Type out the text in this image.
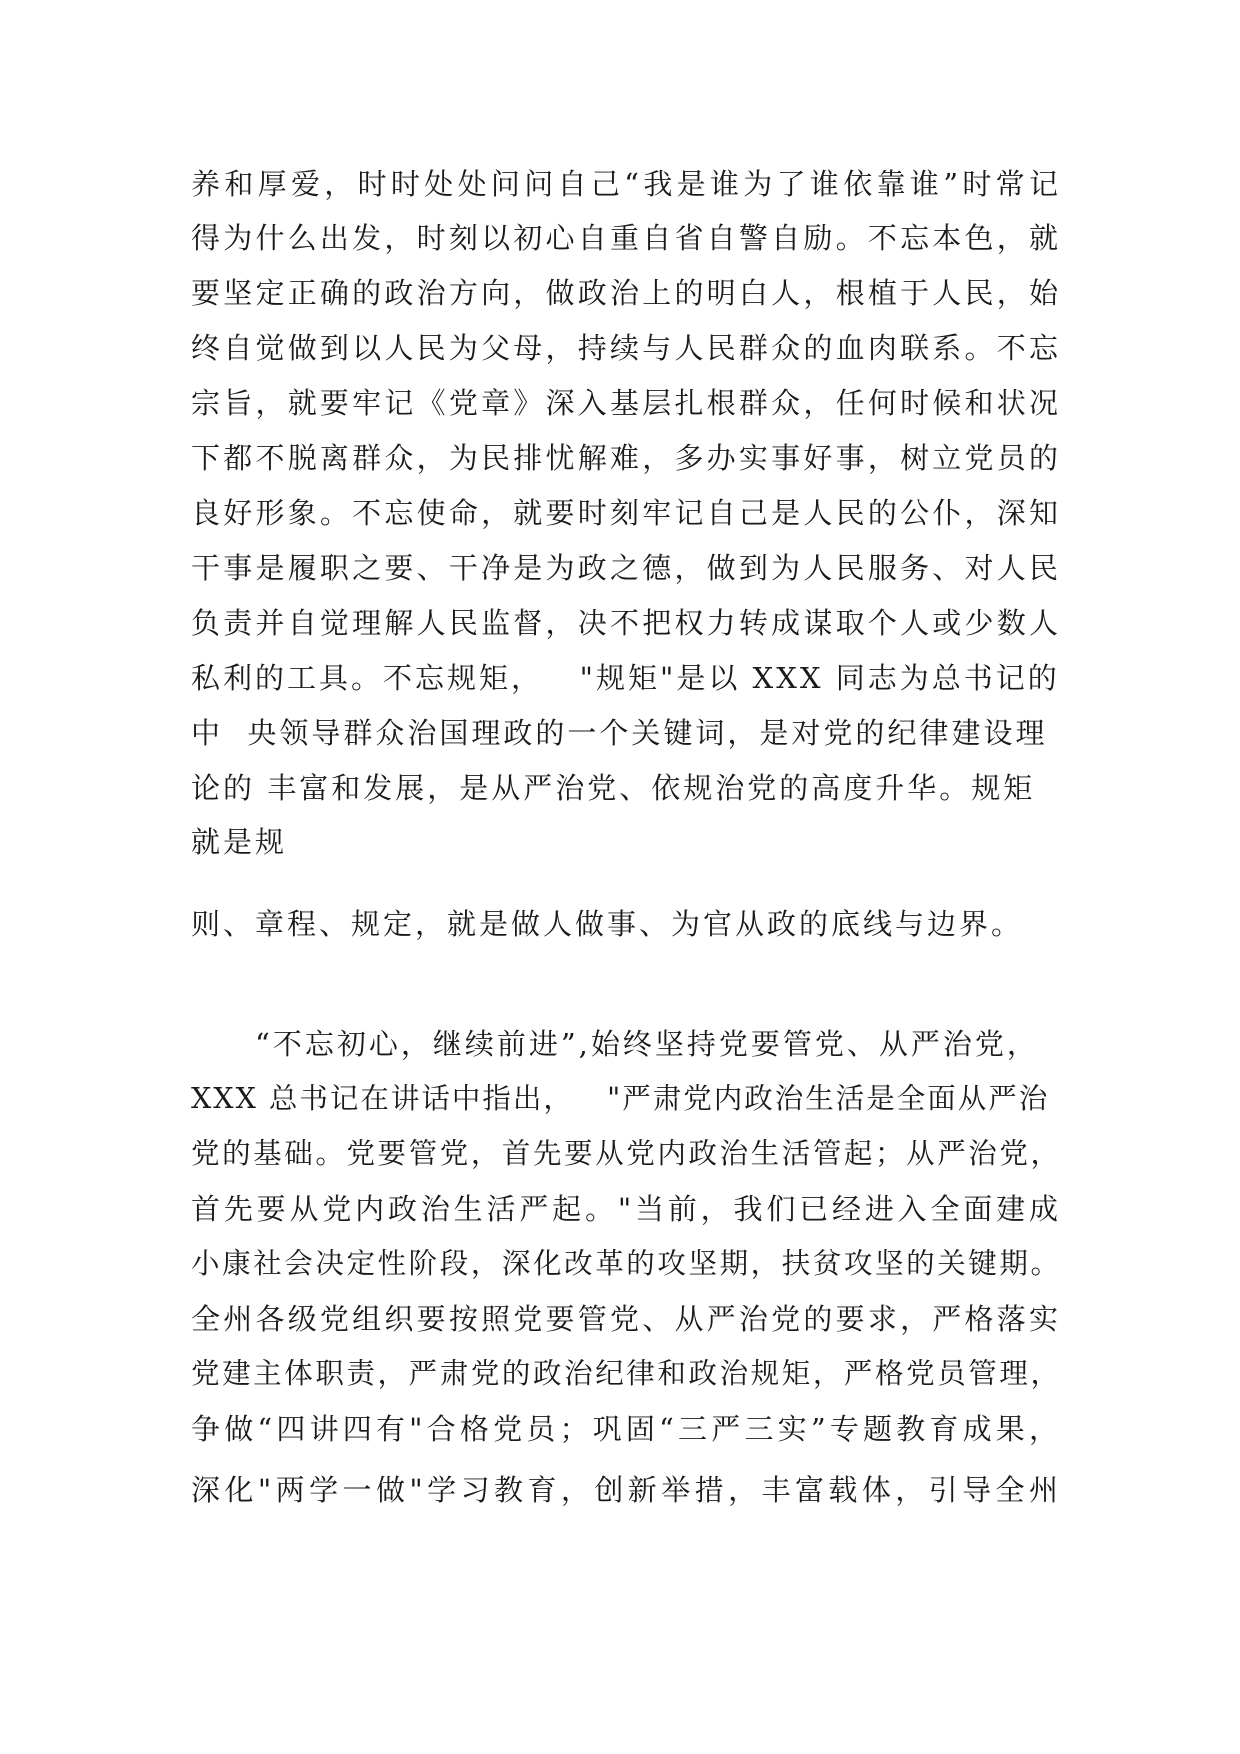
养和厚爱，时时处处问问自己“我是谁为了谁依靠谁”时常记
得为什么出发，时刻以初心自重自省自警自励。不忘本色，就
要坚定正确的政治方向，做政治上的明白人，根植于人民，始
终自觉做到以人民为父母，持续与人民群众的血肉联系。不忘
宗旨，就要牢记《党章》深入基层扎根群众，任何时候和状况
下都不脱离群众，为民排忧解难，多办实事好事，树立党员的
良好形象。不忘使命，就要时刻牢记自己是人民的公仆，深知
干事是履职之要、干净是为政之德，做到为人民服务、对人民
负责并自觉理解人民监督，决不把权力转成谋取个人或少数人
私利的工具。不忘规矩，   "规矩"是以 XXX 同志为总书记的
中  央领导群众治国理政的一个关键词，是对党的纪律建设理
论的 丰富和发展，是从严治党、依规治党的高度升华。规矩
就是规
则、章程、规定，就是做人做事、为官从政的底线与边界。
“不忘初心，继续前进”,始终坚持党要管党、从严治党，
XXX 总书记在讲话中指出，   "严肃党内政治生活是全面从严治
党的基础。党要管党，首先要从党内政治生活管起；从严治党，
首先要从党内政治生活严起。"当前，我们已经进入全面建成
小康社会决定性阶段，深化改革的攻坚期，扶贫攻坚的关键期。
全州各级党组织要按照党要管党、从严治党的要求，严格落实
党建主体职责，严肃党的政治纪律和政治规矩，严格党员管理，
争做“四讲四有"合格党员；巩固“三严三实”专题教育成果，
深化"两学一做"学习教育，创新举措，丰富载体，引导全州
